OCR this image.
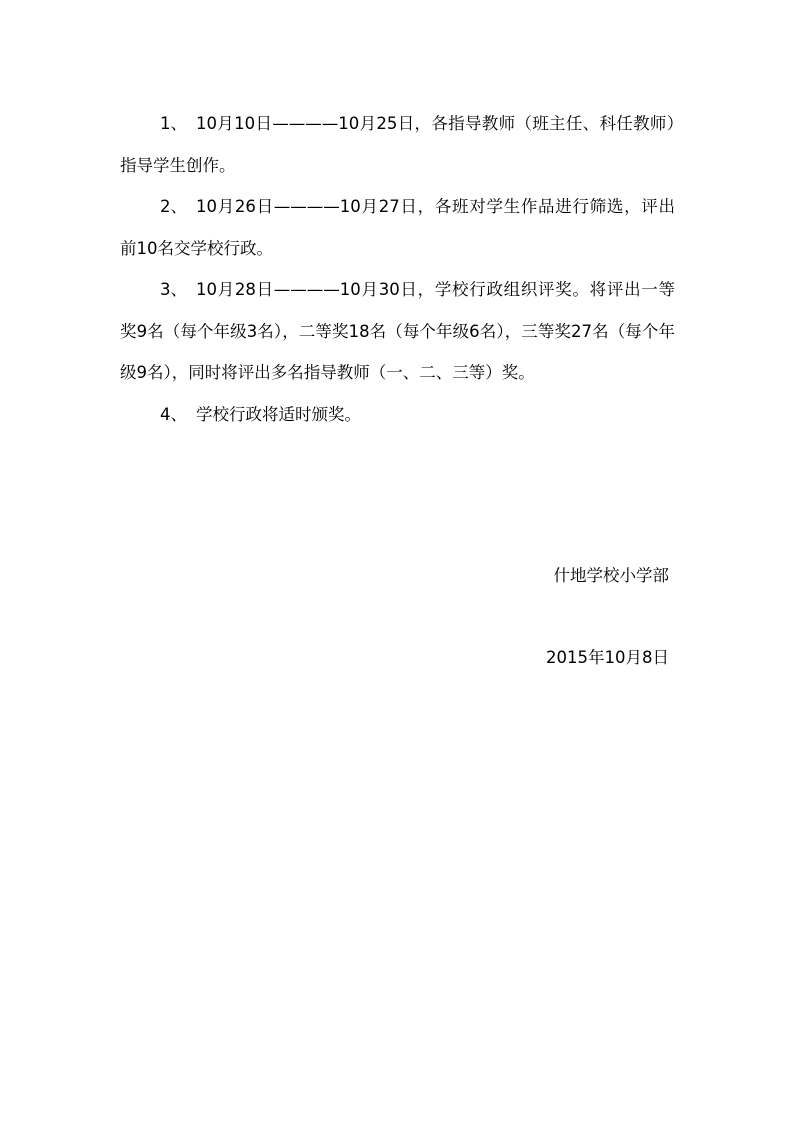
1、 10月10日————10月25日，各指导教师（班主任、科任教师）指导学生创作。

2、 10月26日————10月27日，各班对学生作品进行筛选，评出前10名交学校行政。

3、 10月28日————10月30日，学校行政组织评奖。将评出一等奖9名（每个年级3名），二等奖18名（每个年级6名），三等奖27名（每个年级9名），同时将评出多名指导教师（一、二、三等）奖。

4、 学校行政将适时颁奖。

什地学校小学部
2015年10月8日
